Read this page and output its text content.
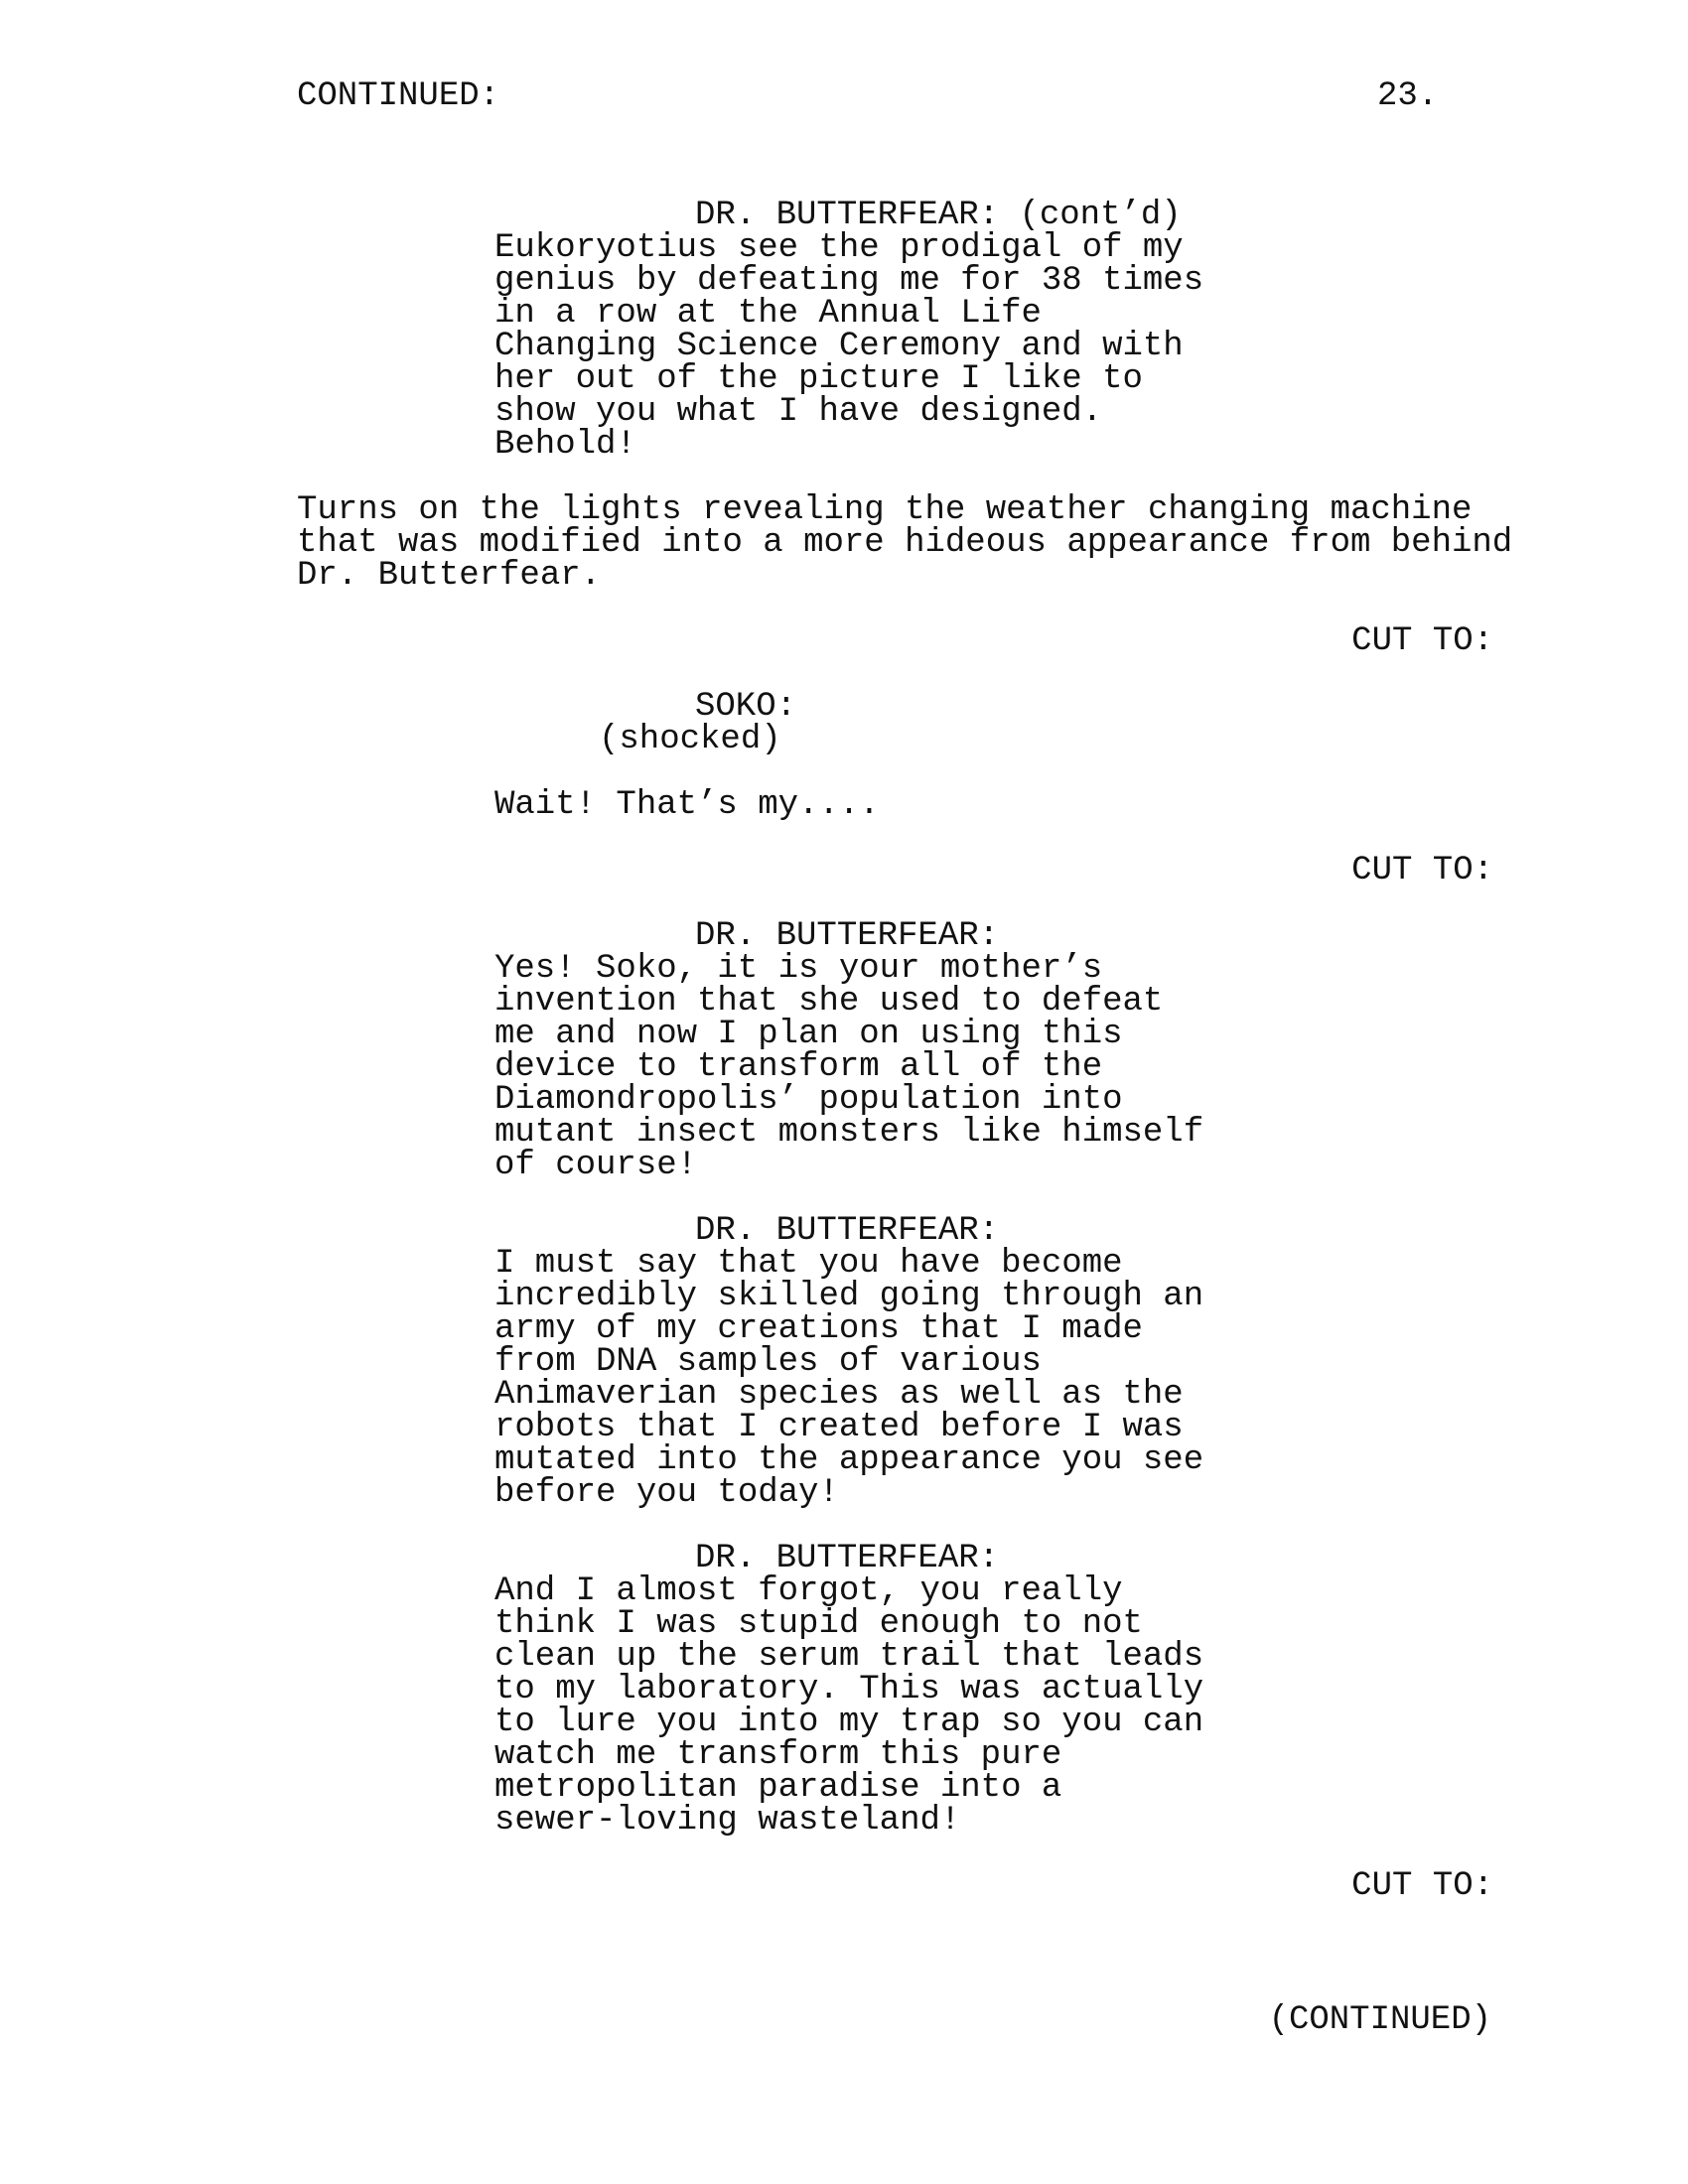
CONTINUED:	23.
DR. BUTTERFEAR: (cont’d)
Eukoryotius see the prodigal of my
genius by defeating me for 38 times
in a row at the Annual Life
Changing Science Ceremony and with
her out of the picture I like to
show you what I have designed.
Behold!
Turns on the lights revealing the weather changing machine
that was modified into a more hideous appearance from behind
Dr. Butterfear.
CUT TO:
SOKO:
(shocked)
Wait! That’s my....
CUT TO:
DR. BUTTERFEAR:
Yes! Soko, it is your mother’s
invention that she used to defeat
me and now I plan on using this
device to transform all of the
Diamondropolis’ population into
mutant insect monsters like himself
of course!
DR. BUTTERFEAR:
I must say that you have become
incredibly skilled going through an
army of my creations that I made
from DNA samples of various
Animaverian species as well as the
robots that I created before I was
mutated into the appearance you see
before you today!
DR. BUTTERFEAR:
And I almost forgot, you really
think I was stupid enough to not
clean up the serum trail that leads
to my laboratory. This was actually
to lure you into my trap so you can
watch me transform this pure
metropolitan paradise into a
sewer-loving wasteland!
CUT TO:
(CONTINUED)
